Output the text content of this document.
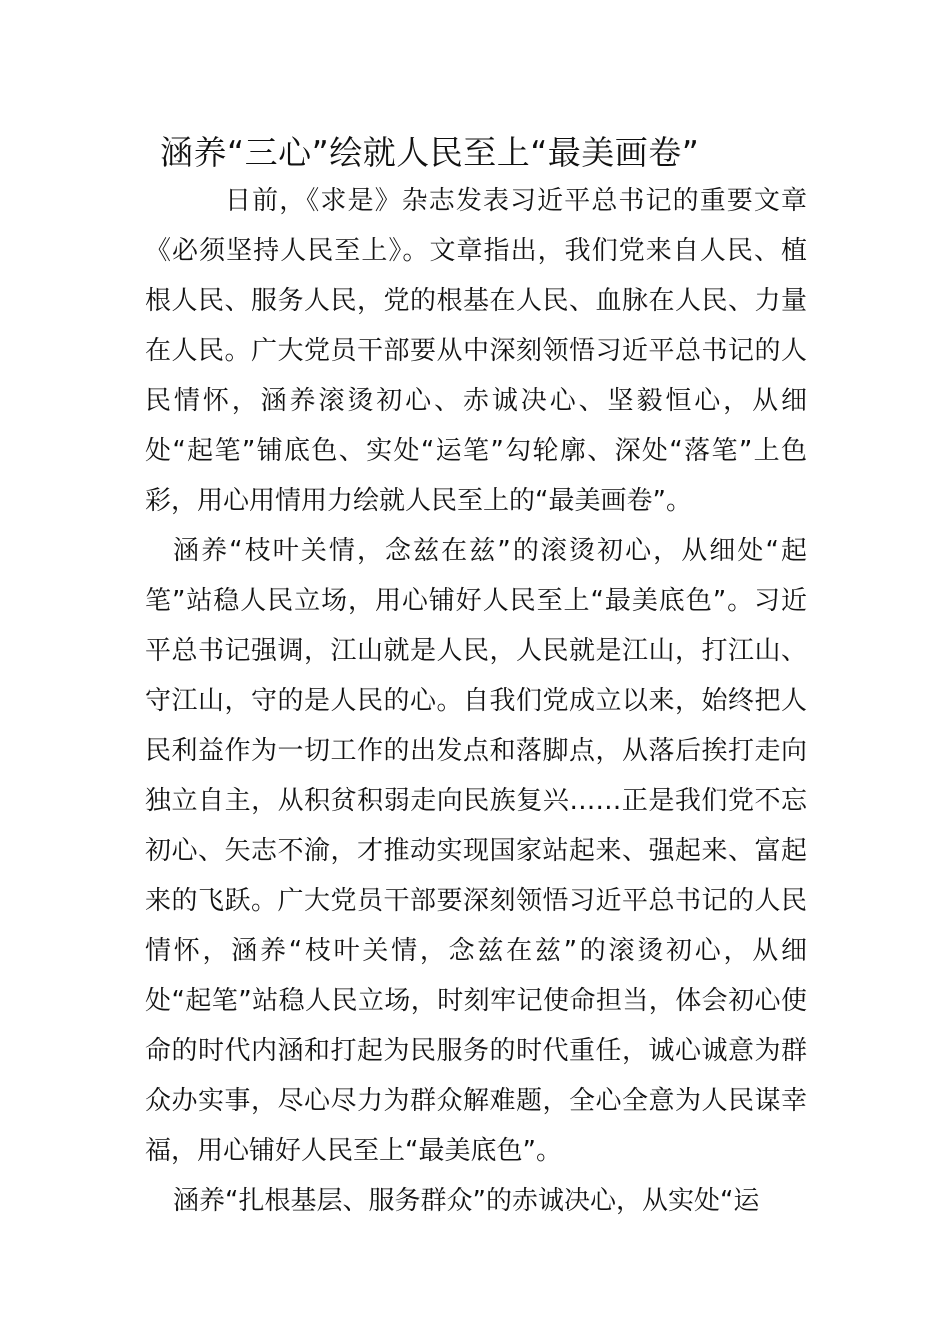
涵养“三心”绘就人民至上“最美画卷”

日前，《求是》杂志发表习近平总书记的重要文章《必须坚持人民至上》。文章指出，我们党来自人民、植根人民、服务人民，党的根基在人民、血脉在人民、力量在人民。广大党员干部要从中深刻领悟习近平总书记的人民情怀，涵养滚烫初心、赤诚决心、坚毅恒心，从细处“起笔”铺底色、实处“运笔”勾轮廓、深处“落笔”上色彩，用心用情用力绘就人民至上的“最美画卷”。

涵养“枝叶关情，念兹在兹”的滚烫初心，从细处“起笔”站稳人民立场，用心铺好人民至上“最美底色”。习近平总书记强调，江山就是人民，人民就是江山，打江山、守江山，守的是人民的心。自我们党成立以来，始终把人民利益作为一切工作的出发点和落脚点，从落后挨打走向独立自主，从积贫积弱走向民族复兴……正是我们党不忘初心、矢志不渝，才推动实现国家站起来、强起来、富起来的飞跃。广大党员干部要深刻领悟习近平总书记的人民情怀，涵养“枝叶关情，念兹在兹”的滚烫初心，从细处“起笔”站稳人民立场，时刻牢记使命担当，体会初心使命的时代内涵和打起为民服务的时代重任，诚心诚意为群众办实事，尽心尽力为群众解难题，全心全意为人民谋幸福，用心铺好人民至上“最美底色”。

涵养“扎根基层、服务群众”的赤诚决心，从实处“运
